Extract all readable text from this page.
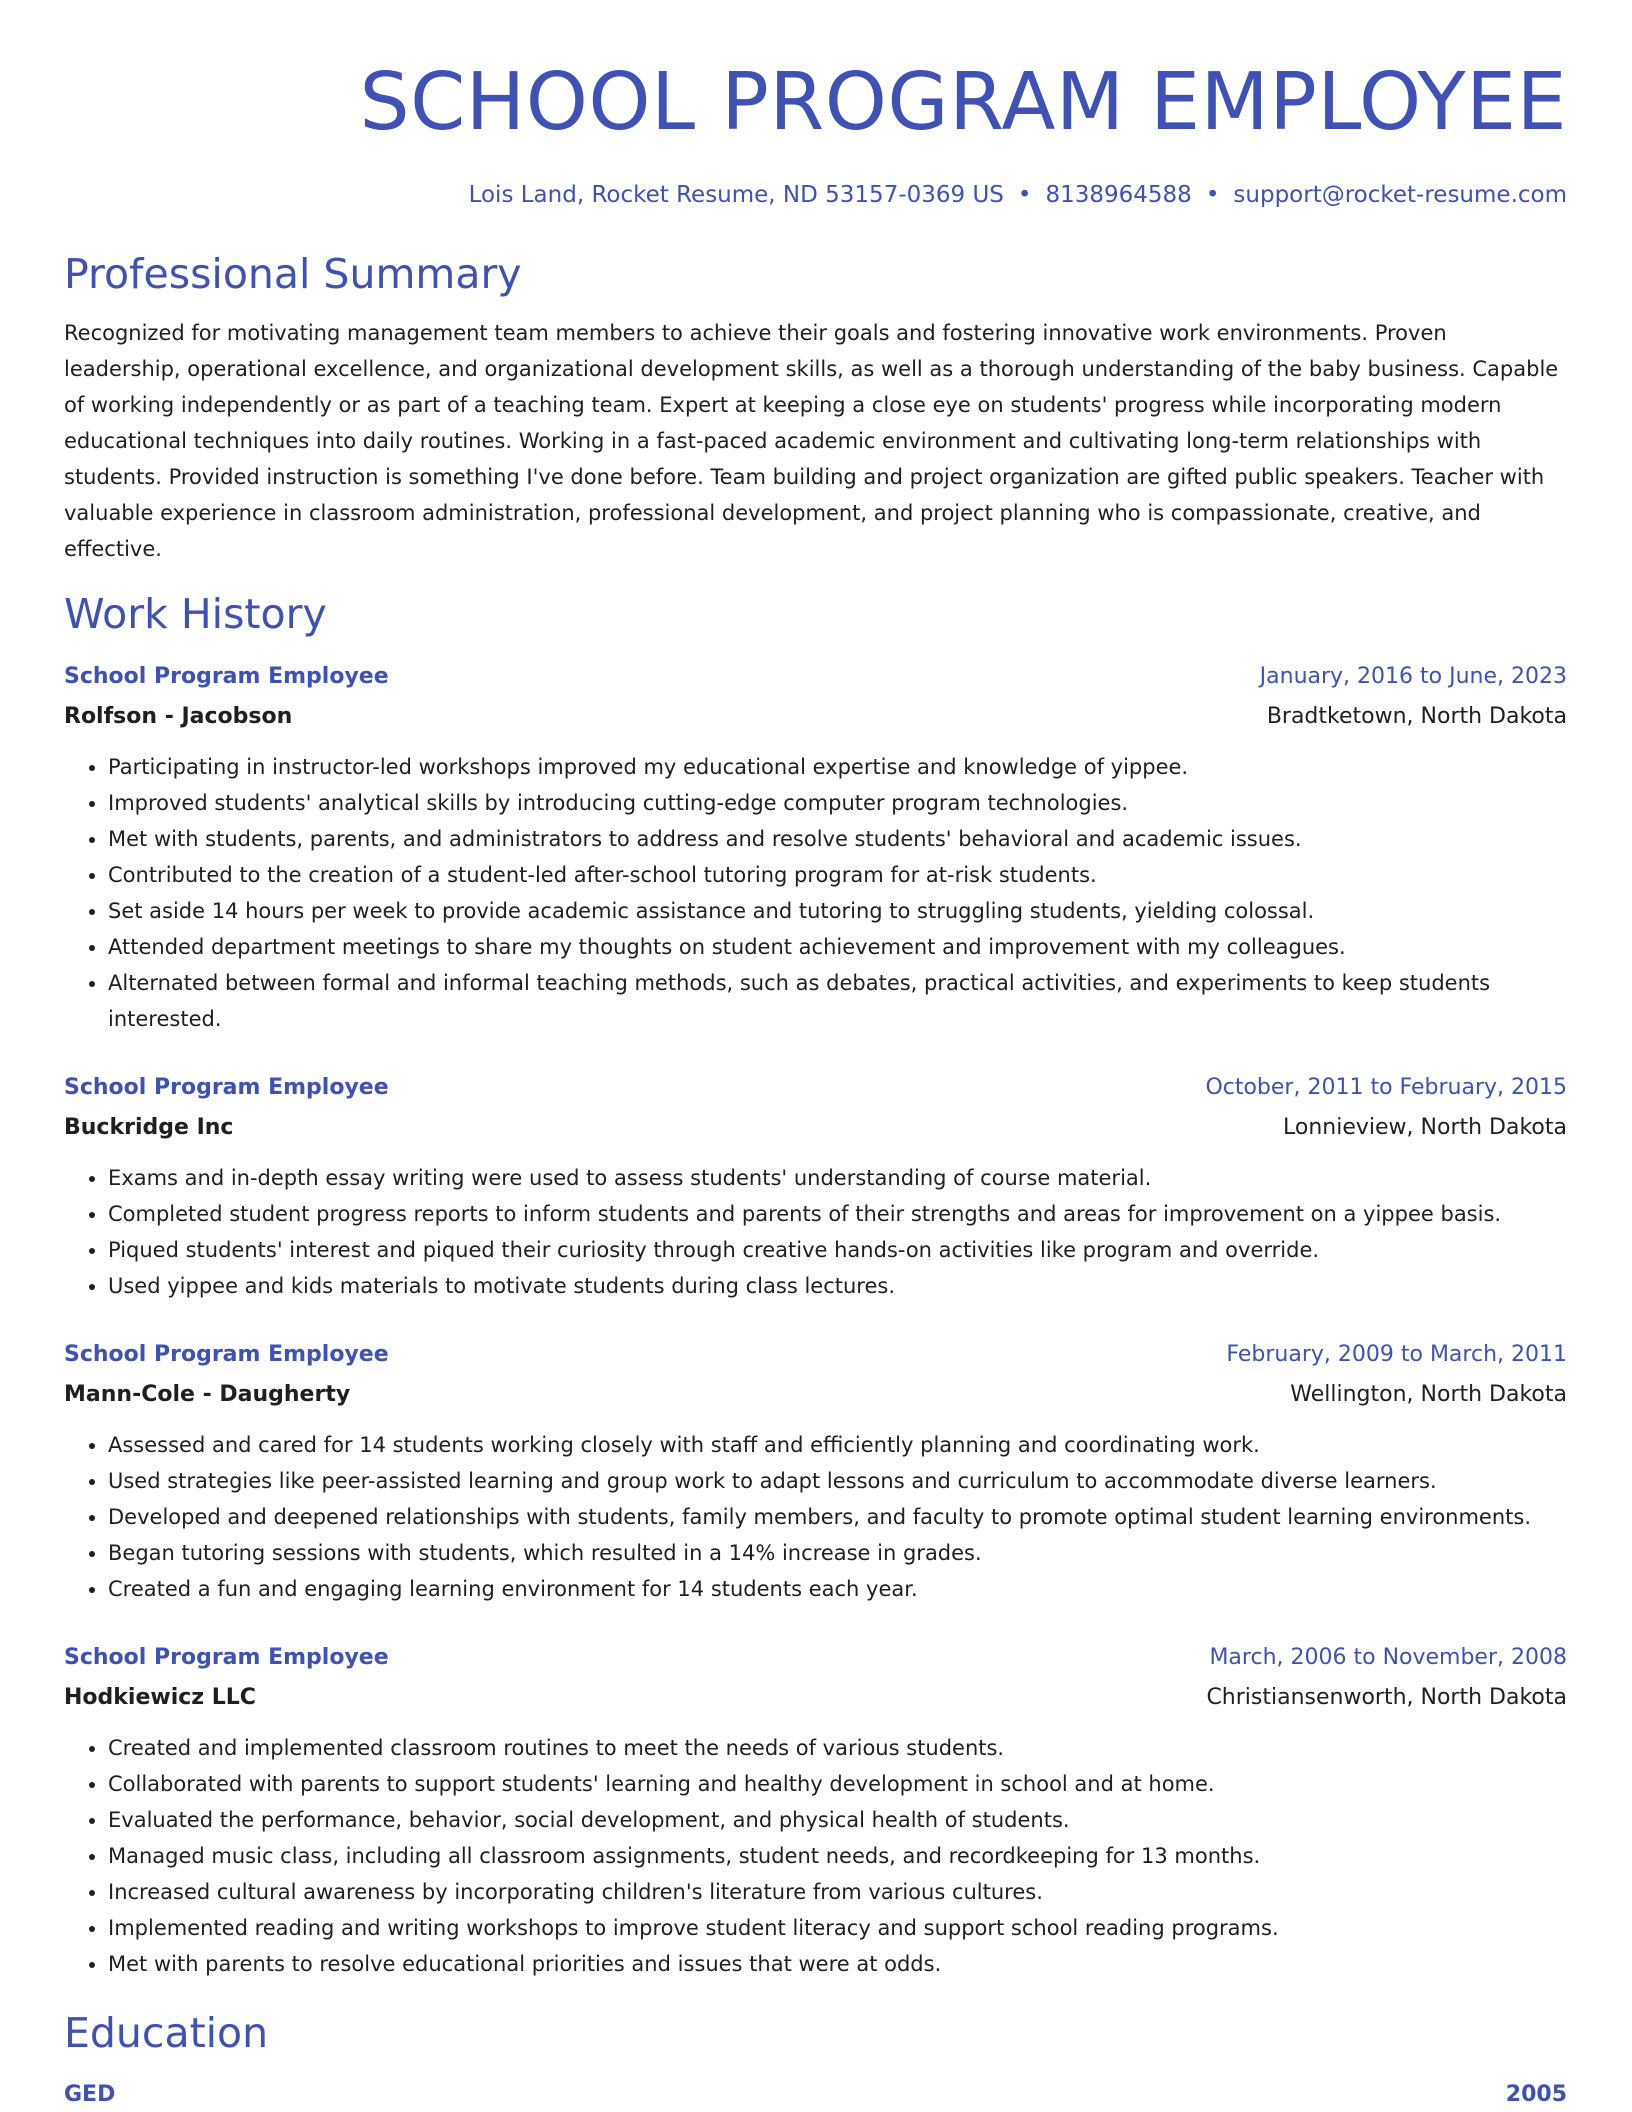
SCHOOL PROGRAM EMPLOYEE
Lois Land, Rocket Resume, ND 53157-0369 US • 8138964588 • support@rocket-resume.com
Professional Summary

Recognized for motivating management team members to achieve their goals and fostering innovative work environments. Proven leadership, operational excellence, and organizational development skills, as well as a thorough understanding of the baby business. Capable of working independently or as part of a teaching team. Expert at keeping a close eye on students' progress while incorporating modern educational techniques into daily routines. Working in a fast-paced academic environment and cultivating long-term relationships with students. Provided instruction is something I've done before. Team building and project organization are gifted public speakers. Teacher with valuable experience in classroom administration, professional development, and project planning who is compassionate, creative, and effective.

Work History
School Program Employee	January, 2016 to June, 2023
Rolfson - Jacobson	Bradtketown, North Dakota
• Participating in instructor-led workshops improved my educational expertise and knowledge of yippee.
• Improved students' analytical skills by introducing cutting-edge computer program technologies.
• Met with students, parents, and administrators to address and resolve students' behavioral and academic issues.
• Contributed to the creation of a student-led after-school tutoring program for at-risk students.
• Set aside 14 hours per week to provide academic assistance and tutoring to struggling students, yielding colossal.
• Attended department meetings to share my thoughts on student achievement and improvement with my colleagues.
• Alternated between formal and informal teaching methods, such as debates, practical activities, and experiments to keep students interested.
School Program Employee	October, 2011 to February, 2015
Buckridge Inc	Lonnieview, North Dakota
• Exams and in-depth essay writing were used to assess students' understanding of course material.
• Completed student progress reports to inform students and parents of their strengths and areas for improvement on a yippee basis.
• Piqued students' interest and piqued their curiosity through creative hands-on activities like program and override.
• Used yippee and kids materials to motivate students during class lectures.
School Program Employee	February, 2009 to March, 2011
Mann-Cole - Daugherty	Wellington, North Dakota
• Assessed and cared for 14 students working closely with staff and efficiently planning and coordinating work.
• Used strategies like peer-assisted learning and group work to adapt lessons and curriculum to accommodate diverse learners.
• Developed and deepened relationships with students, family members, and faculty to promote optimal student learning environments.
• Began tutoring sessions with students, which resulted in a 14% increase in grades.
• Created a fun and engaging learning environment for 14 students each year.
School Program Employee	March, 2006 to November, 2008
Hodkiewicz LLC	Christiansenworth, North Dakota
• Created and implemented classroom routines to meet the needs of various students.
• Collaborated with parents to support students' learning and healthy development in school and at home.
• Evaluated the performance, behavior, social development, and physical health of students.
• Managed music class, including all classroom assignments, student needs, and recordkeeping for 13 months.
• Increased cultural awareness by incorporating children's literature from various cultures.
• Implemented reading and writing workshops to improve student literacy and support school reading programs.
• Met with parents to resolve educational priorities and issues that were at odds.
Education
GED	2005
